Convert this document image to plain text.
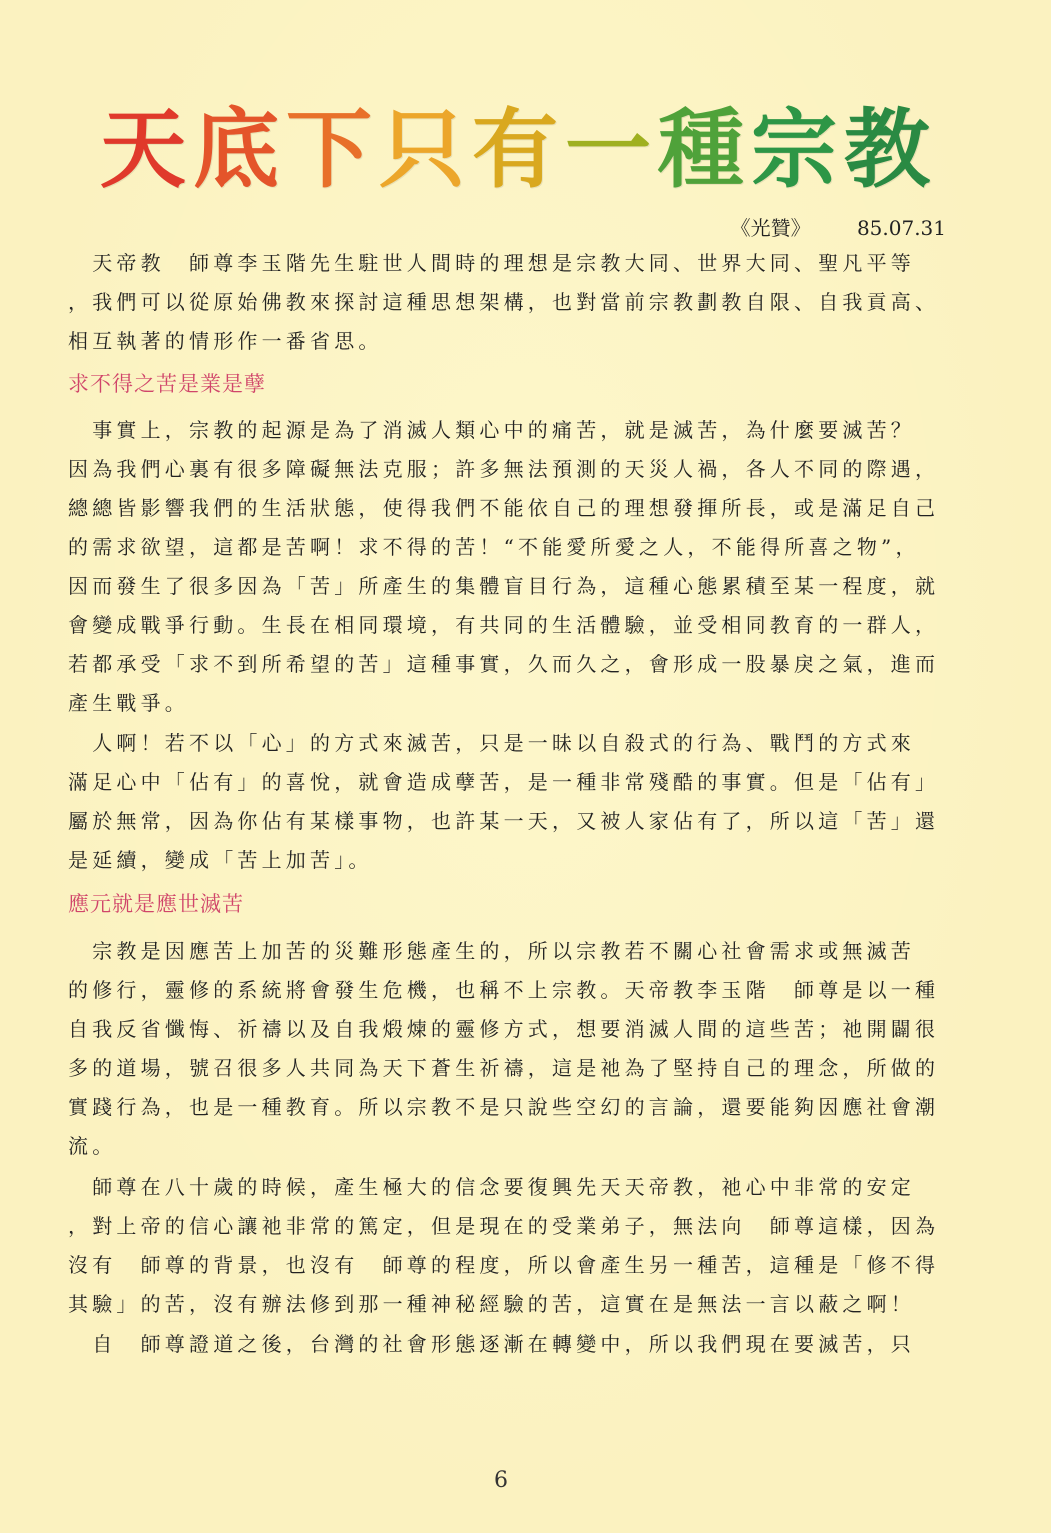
天 底 下 只 有 一 種 宗 教
《光贊》 85.07.31
　天帝教　師尊李玉階先生駐世人間時的理想是宗教大同、世界大同、聖凡平等
，我們可以從原始佛教來探討這種思想架構，也對當前宗教劃教自限、自我貢高、
相互執著的情形作一番省思。
求不得之苦是業是孽
　事實上，宗教的起源是為了消滅人類心中的痛苦，就是滅苦，為什麼要滅苦？
因為我們心裏有很多障礙無法克服；許多無法預測的天災人禍，各人不同的際遇，
總總皆影響我們的生活狀態，使得我們不能依自己的理想發揮所長，或是滿足自己
的需求欲望，這都是苦啊！求不得的苦！“不能愛所愛之人，不能得所喜之物”，
因而發生了很多因為「苦」所產生的集體盲目行為，這種心態累積至某一程度，就
會變成戰爭行動。生長在相同環境，有共同的生活體驗，並受相同教育的一群人，
若都承受「求不到所希望的苦」這種事實，久而久之，會形成一股暴戾之氣，進而
產生戰爭。
　人啊！若不以「心」的方式來滅苦，只是一昧以自殺式的行為、戰鬥的方式來
滿足心中「佔有」的喜悅，就會造成孽苦，是一種非常殘酷的事實。但是「佔有」
屬於無常，因為你佔有某樣事物，也許某一天，又被人家佔有了，所以這「苦」還
是延續，變成「苦上加苦」。
應元就是應世滅苦
　宗教是因應苦上加苦的災難形態產生的，所以宗教若不關心社會需求或無滅苦
的修行，靈修的系統將會發生危機，也稱不上宗教。天帝教李玉階　師尊是以一種
自我反省懺悔、祈禱以及自我煅煉的靈修方式，想要消滅人間的這些苦；祂開闢很
多的道場，號召很多人共同為天下蒼生祈禱，這是祂為了堅持自己的理念，所做的
實踐行為，也是一種教育。所以宗教不是只說些空幻的言論，還要能夠因應社會潮
流。
　師尊在八十歲的時候，產生極大的信念要復興先天天帝教，祂心中非常的安定
，對上帝的信心讓祂非常的篤定，但是現在的受業弟子，無法向　師尊這樣，因為
沒有　師尊的背景，也沒有　師尊的程度，所以會產生另一種苦，這種是「修不得
其驗」的苦，沒有辦法修到那一種神秘經驗的苦，這實在是無法一言以蔽之啊！
　自　師尊證道之後，台灣的社會形態逐漸在轉變中，所以我們現在要滅苦，只
6
